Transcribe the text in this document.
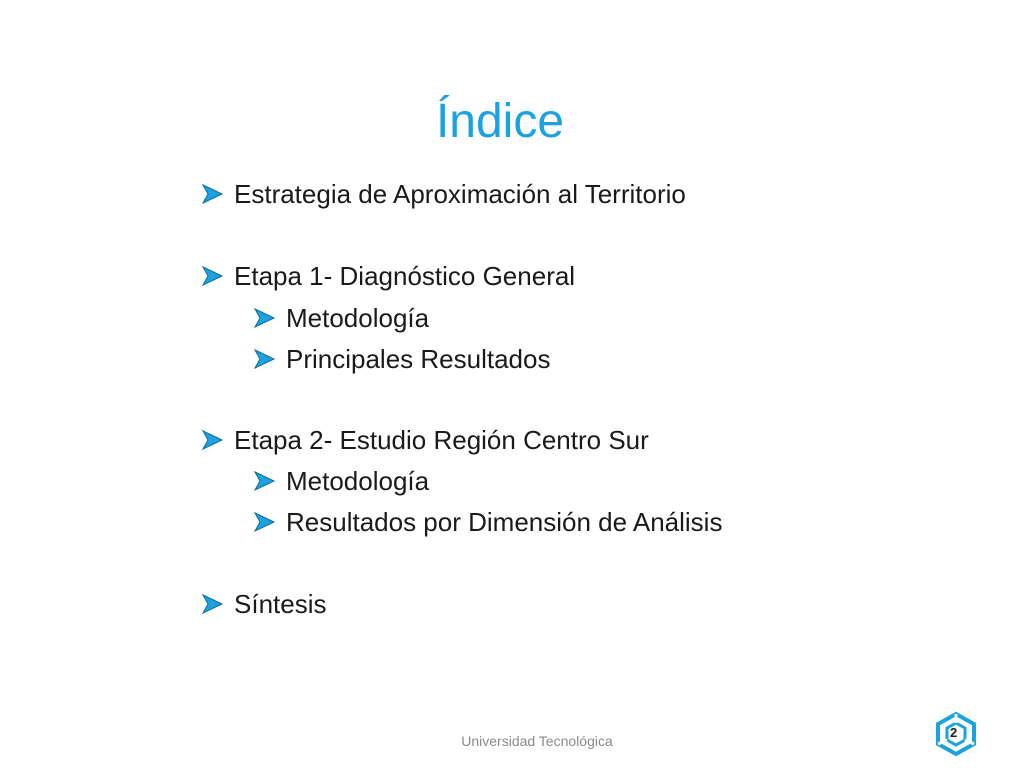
Índice
Estrategia de Aproximación al Territorio
Etapa 1- Diagnóstico General
Metodología
Principales Resultados
Etapa 2- Estudio Región Centro Sur
Metodología
Resultados por Dimensión de Análisis
Síntesis
Universidad Tecnológica
2
